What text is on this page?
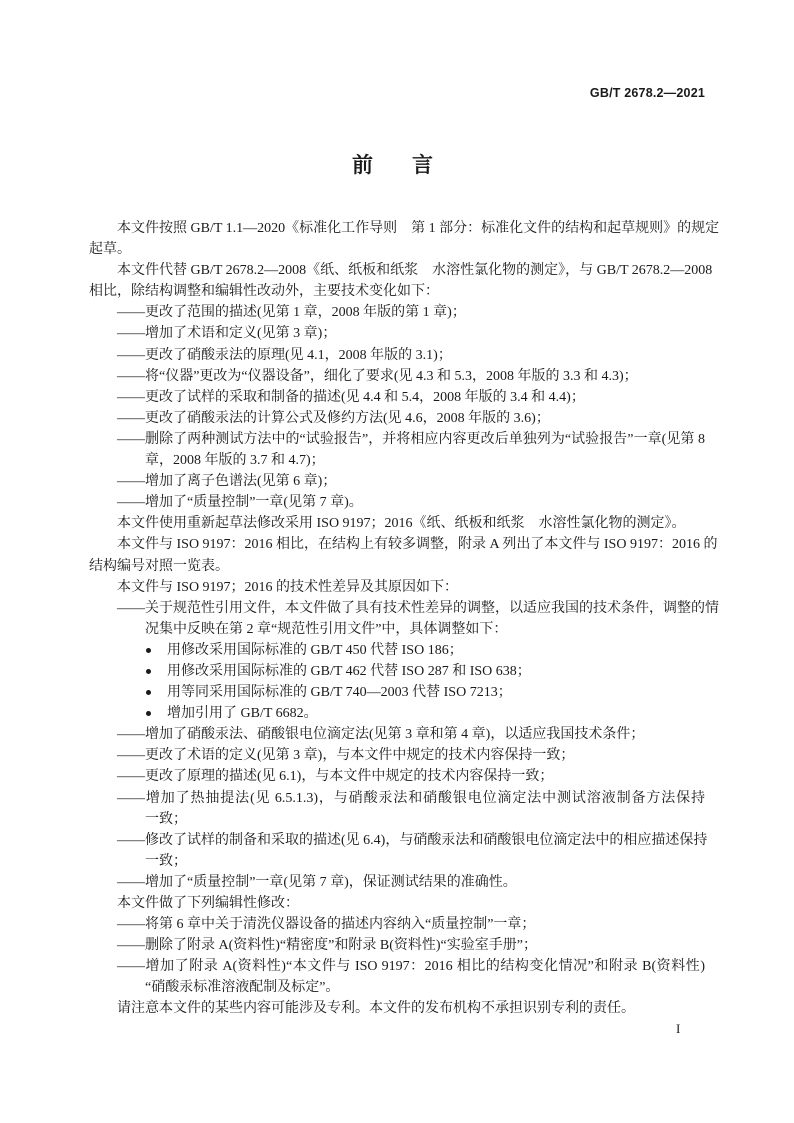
GB/T 2678.2—2021
前　言
本文件按照 GB/T 1.1—2020《标准化工作导则　第 1 部分：标准化文件的结构和起草规则》的规定
起草。
本文件代替 GB/T 2678.2—2008《纸、纸板和纸浆　水溶性氯化物的测定》，与 GB/T 2678.2—2008
相比，除结构调整和编辑性改动外，主要技术变化如下：
——更改了范围的描述(见第 1 章，2008 年版的第 1 章)；
——增加了术语和定义(见第 3 章)；
——更改了硝酸汞法的原理(见 4.1，2008 年版的 3.1)；
——将“仪器”更改为“仪器设备”，细化了要求(见 4.3 和 5.3，2008 年版的 3.3 和 4.3)；
——更改了试样的采取和制备的描述(见 4.4 和 5.4，2008 年版的 3.4 和 4.4)；
——更改了硝酸汞法的计算公式及修约方法(见 4.6，2008 年版的 3.6)；
——删除了两种测试方法中的“试验报告”，并将相应内容更改后单独列为“试验报告”一章(见第 8
章，2008 年版的 3.7 和 4.7)；
——增加了离子色谱法(见第 6 章)；
——增加了“质量控制”一章(见第 7 章)。
本文件使用重新起草法修改采用 ISO 9197；2016《纸、纸板和纸浆　水溶性氯化物的测定》。
本文件与 ISO 9197：2016 相比，在结构上有较多调整，附录 A 列出了本文件与 ISO 9197：2016 的
结构编号对照一览表。
本文件与 ISO 9197；2016 的技术性差异及其原因如下：
——关于规范性引用文件，本文件做了具有技术性差异的调整，以适应我国的技术条件，调整的情
况集中反映在第 2 章“规范性引用文件”中，具体调整如下：
用修改采用国际标准的 GB/T 450 代替 ISO 186；
用修改采用国际标准的 GB/T 462 代替 ISO 287 和 ISO 638；
用等同采用国际标准的 GB/T 740—2003 代替 ISO 7213；
增加引用了 GB/T 6682。
——增加了硝酸汞法、硝酸银电位滴定法(见第 3 章和第 4 章)，以适应我国技术条件；
——更改了术语的定义(见第 3 章)，与本文件中规定的技术内容保持一致；
——更改了原理的描述(见 6.1)，与本文件中规定的技术内容保持一致；
——增加了热抽提法(见 6.5.1.3)，与硝酸汞法和硝酸银电位滴定法中测试溶液制备方法保持
一致；
——修改了试样的制备和采取的描述(见 6.4)，与硝酸汞法和硝酸银电位滴定法中的相应描述保持
一致；
——增加了“质量控制”一章(见第 7 章)，保证测试结果的准确性。
本文件做了下列编辑性修改：
——将第 6 章中关于清洗仪器设备的描述内容纳入“质量控制”一章；
——删除了附录 A(资料性)“精密度”和附录 B(资料性)“实验室手册”；
——增加了附录 A(资料性)“本文件与 ISO 9197：2016 相比的结构变化情况”和附录 B(资料性)
“硝酸汞标准溶液配制及标定”。
请注意本文件的某些内容可能涉及专利。本文件的发布机构不承担识别专利的责任。
I
